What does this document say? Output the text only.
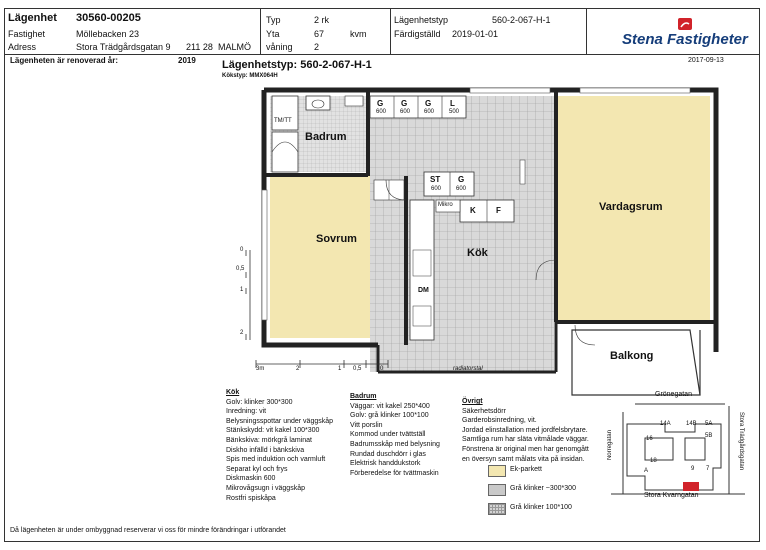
Lägenhet 30560-00205
Fastighet	Möllebacken 23
Adress	Stora Trädgårdsgatan 9 211 28 MALMÖ
Typ	2 rk
Yta	67	kvm
våning 2
Lägenhetstyp	560-2-067-H-1
Färdigställd 2019-01-01	Stena Fastigheter
Lägenheten är renoverad år:	2019 Lägenhetstyp: 560-2-067-H-1
Kökstyp: MMX064H
2017-09-13
G
600
G
600
G
600
L
500
ST
600
G
600
Mikro
K	F
DM
TM/TT
Badrum
Sovrum
Kök
Vardagsrum
Balkong
3m	2	1 0,5	0
0
0,5
1
2
radiatorstal
Kök
Golv: klinker 300*300
Inredning: vit
Belysningsspottar under väggskåp
Stänkskydd: vit kakel 100*300
Bänkskiva: mörkgrå laminat
Diskho infälld i bänkskiva
Spis med induktion och varmluft
Separat kyl och frys
Diskmaskin 600
Mikrovågsugn i väggskåp
Rostfri spiskåpa
Badrum
Väggar: vit kakel 250*400
Golv: grå klinker 100*100
Vitt porslin
Kommod under tvättställ
Badrumsskåp med belysning
Rundad duschdörr i glas
Elektrisk handdukstork
Förberedelse för tvättmaskin
Övrigt
Säkerhetsdörr
Garderobsinredning, vit.
Jordad elinstallation med jordfelsbrytare.
Samtliga rum har släta vitmålade väggar.
Fönstrena är original men har genomgått
en översyn samt målats vita på insidan.
Ek-parkett
Grå klinker ~300*300
Grå klinker 100*100
Grönegatan
Stora Trädgårdsgatan
Norregatan
Stora Kvarngatan
14A	14B 5A
5B
16
18
A	9 7
Då lägenheten är under ombyggnad reserverar vi oss för mindre förändringar i utförandet
